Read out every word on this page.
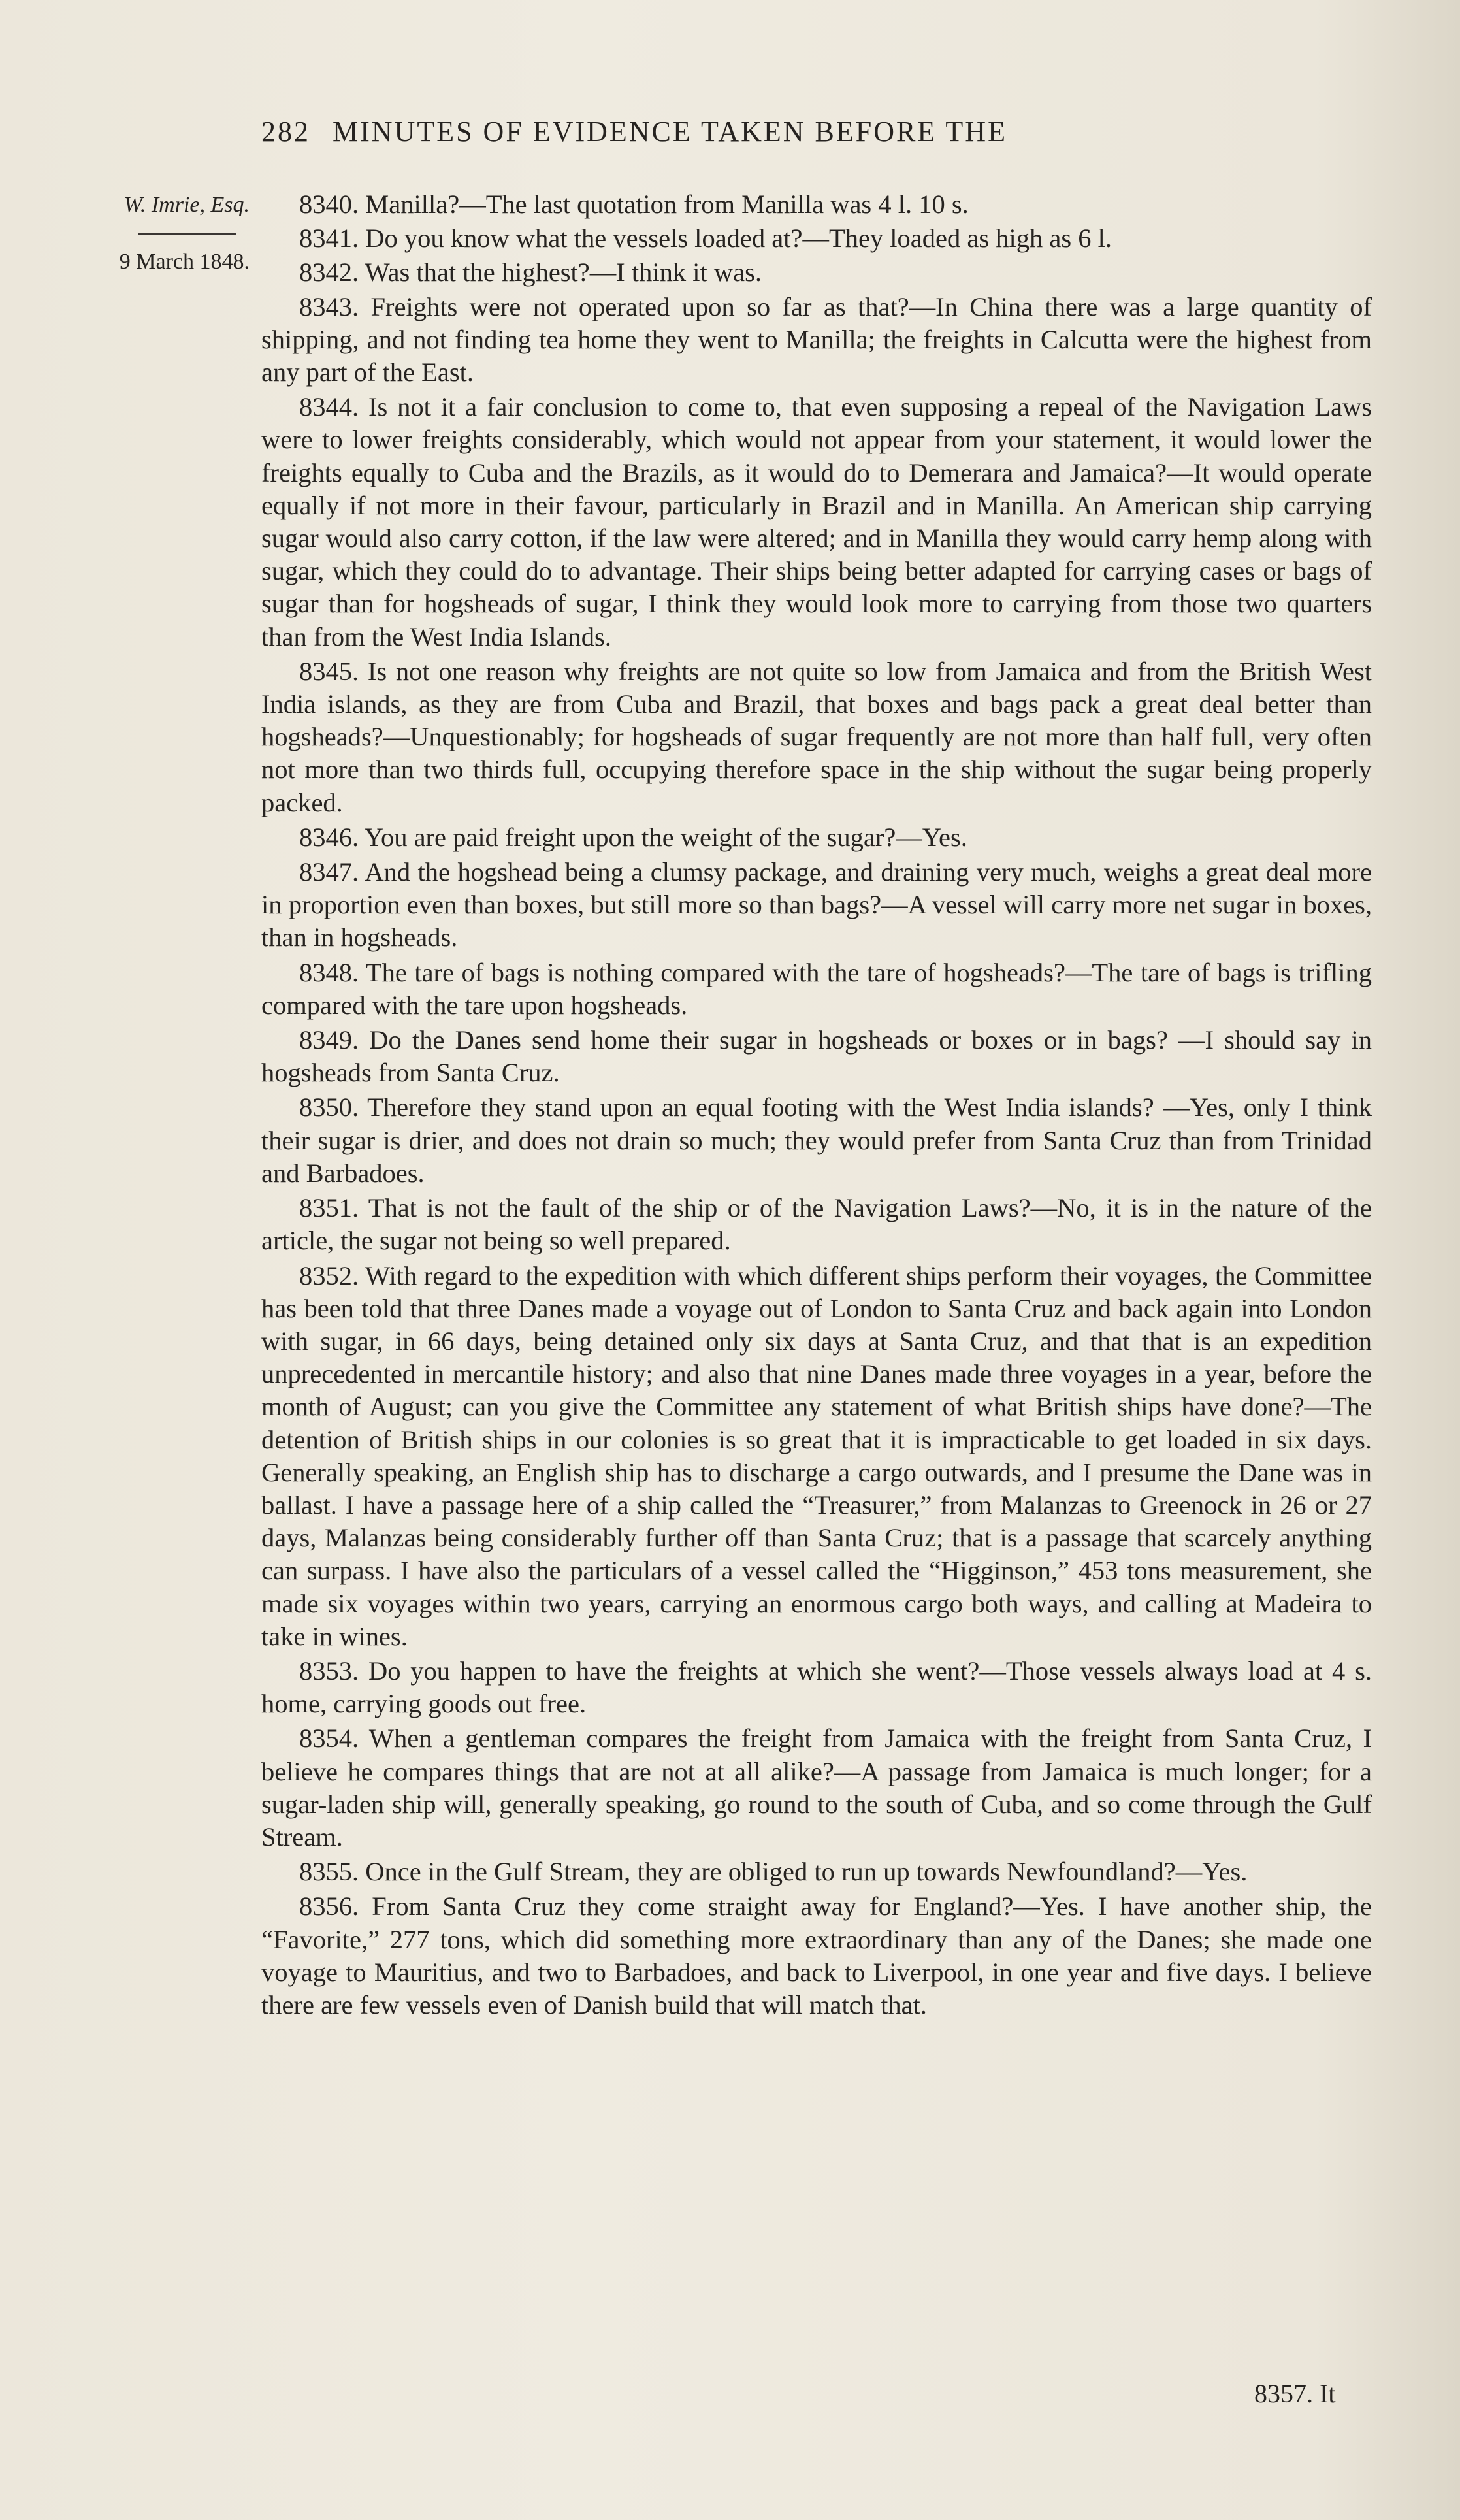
282 MINUTES OF EVIDENCE TAKEN BEFORE THE
W. Imrie, Esq.
9 March 1848.

8340. Manilla?—The last quotation from Manilla was 4 l. 10 s.

8341. Do you know what the vessels loaded at?—They loaded as high as 6 l.

8342. Was that the highest?—I think it was.

8343. Freights were not operated upon so far as that?—In China there was a large quantity of shipping, and not finding tea home they went to Manilla; the freights in Calcutta were the highest from any part of the East.

8344. Is not it a fair conclusion to come to, that even supposing a repeal of the Navigation Laws were to lower freights considerably, which would not appear from your statement, it would lower the freights equally to Cuba and the Brazils, as it would do to Demerara and Jamaica?—It would operate equally if not more in their favour, particularly in Brazil and in Manilla. An American ship carrying sugar would also carry cotton, if the law were altered; and in Manilla they would carry hemp along with sugar, which they could do to advantage. Their ships being better adapted for carrying cases or bags of sugar than for hogsheads of sugar, I think they would look more to carrying from those two quarters than from the West India Islands.

8345. Is not one reason why freights are not quite so low from Jamaica and from the British West India islands, as they are from Cuba and Brazil, that boxes and bags pack a great deal better than hogsheads?—Unquestionably; for hogsheads of sugar frequently are not more than half full, very often not more than two thirds full, occupying therefore space in the ship without the sugar being properly packed.

8346. You are paid freight upon the weight of the sugar?—Yes.

8347. And the hogshead being a clumsy package, and draining very much, weighs a great deal more in proportion even than boxes, but still more so than bags?—A vessel will carry more net sugar in boxes, than in hogsheads.

8348. The tare of bags is nothing compared with the tare of hogsheads?—The tare of bags is trifling compared with the tare upon hogsheads.

8349. Do the Danes send home their sugar in hogsheads or boxes or in bags? —I should say in hogsheads from Santa Cruz.

8350. Therefore they stand upon an equal footing with the West India islands? —Yes, only I think their sugar is drier, and does not drain so much; they would prefer from Santa Cruz than from Trinidad and Barbadoes.

8351. That is not the fault of the ship or of the Navigation Laws?—No, it is in the nature of the article, the sugar not being so well prepared.

8352. With regard to the expedition with which different ships perform their voyages, the Committee has been told that three Danes made a voyage out of London to Santa Cruz and back again into London with sugar, in 66 days, being detained only six days at Santa Cruz, and that that is an expedition unprecedented in mercantile history; and also that nine Danes made three voyages in a year, before the month of August; can you give the Committee any statement of what British ships have done?—The detention of British ships in our colonies is so great that it is impracticable to get loaded in six days. Generally speaking, an English ship has to discharge a cargo outwards, and I presume the Dane was in ballast. I have a passage here of a ship called the “Treasurer,” from Malanzas to Greenock in 26 or 27 days, Malanzas being considerably further off than Santa Cruz; that is a passage that scarcely anything can surpass. I have also the particulars of a vessel called the “Higginson,” 453 tons measurement, she made six voyages within two years, carrying an enormous cargo both ways, and calling at Madeira to take in wines.

8353. Do you happen to have the freights at which she went?—Those vessels always load at 4 s. home, carrying goods out free.

8354. When a gentleman compares the freight from Jamaica with the freight from Santa Cruz, I believe he compares things that are not at all alike?—A passage from Jamaica is much longer; for a sugar-laden ship will, generally speaking, go round to the south of Cuba, and so come through the Gulf Stream.

8355. Once in the Gulf Stream, they are obliged to run up towards Newfoundland?—Yes.

8356. From Santa Cruz they come straight away for England?—Yes. I have another ship, the “Favorite,” 277 tons, which did something more extraordinary than any of the Danes; she made one voyage to Mauritius, and two to Barbadoes, and back to Liverpool, in one year and five days. I believe there are few vessels even of Danish build that will match that.

8357. It
